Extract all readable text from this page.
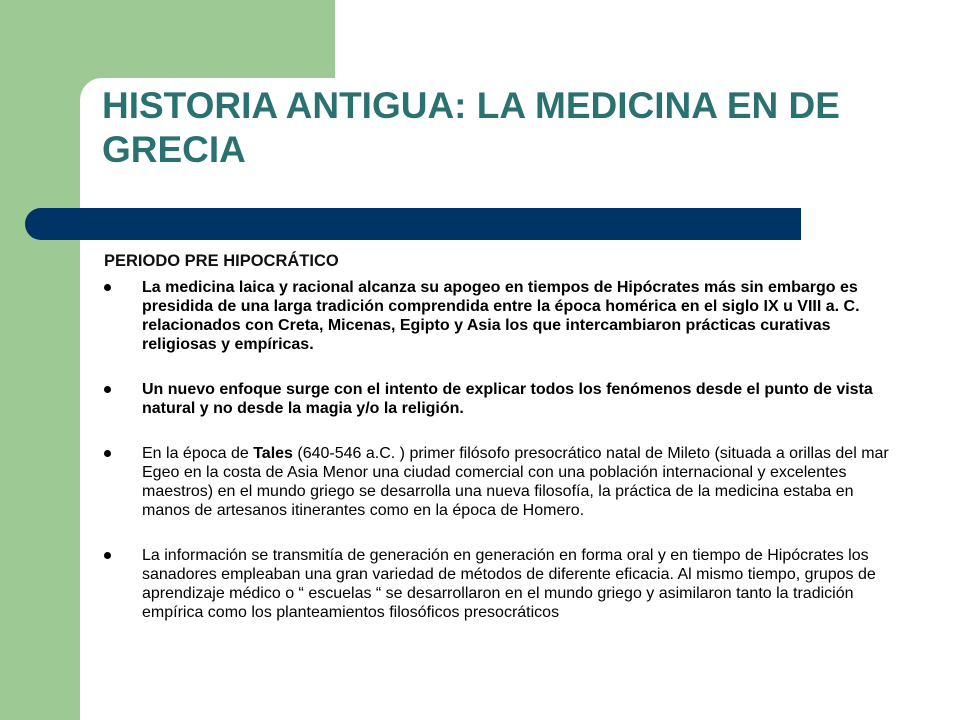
HISTORIA ANTIGUA: LA MEDICINA EN DE GRECIA
PERIODO PRE HIPOCRÁTICO
La medicina laica y racional alcanza su apogeo en tiempos de Hipócrates más sin embargo es presidida de una larga tradición comprendida entre la época homérica en el siglo IX u VIII a. C. relacionados con Creta, Micenas, Egipto y Asia los que intercambiaron prácticas curativas religiosas y empíricas.
Un nuevo enfoque surge con el intento de explicar todos los fenómenos desde el punto de vista natural y no desde la magia y/o la religión.
En la época de Tales (640-546 a.C. ) primer filósofo presocrático natal de Mileto (situada a orillas del mar Egeo en la costa de Asia Menor una ciudad comercial con una población internacional y excelentes maestros) en el mundo griego se desarrolla una nueva filosofía, la práctica de la medicina estaba en manos de artesanos itinerantes como en la época de Homero.
La información se transmitía de generación en generación en forma oral y en tiempo de Hipócrates los sanadores empleaban una gran variedad de métodos de diferente eficacia. Al mismo tiempo, grupos de aprendizaje médico o “ escuelas “ se desarrollaron en el mundo griego y asimilaron tanto la tradición empírica como los planteamientos filosóficos presocráticos
